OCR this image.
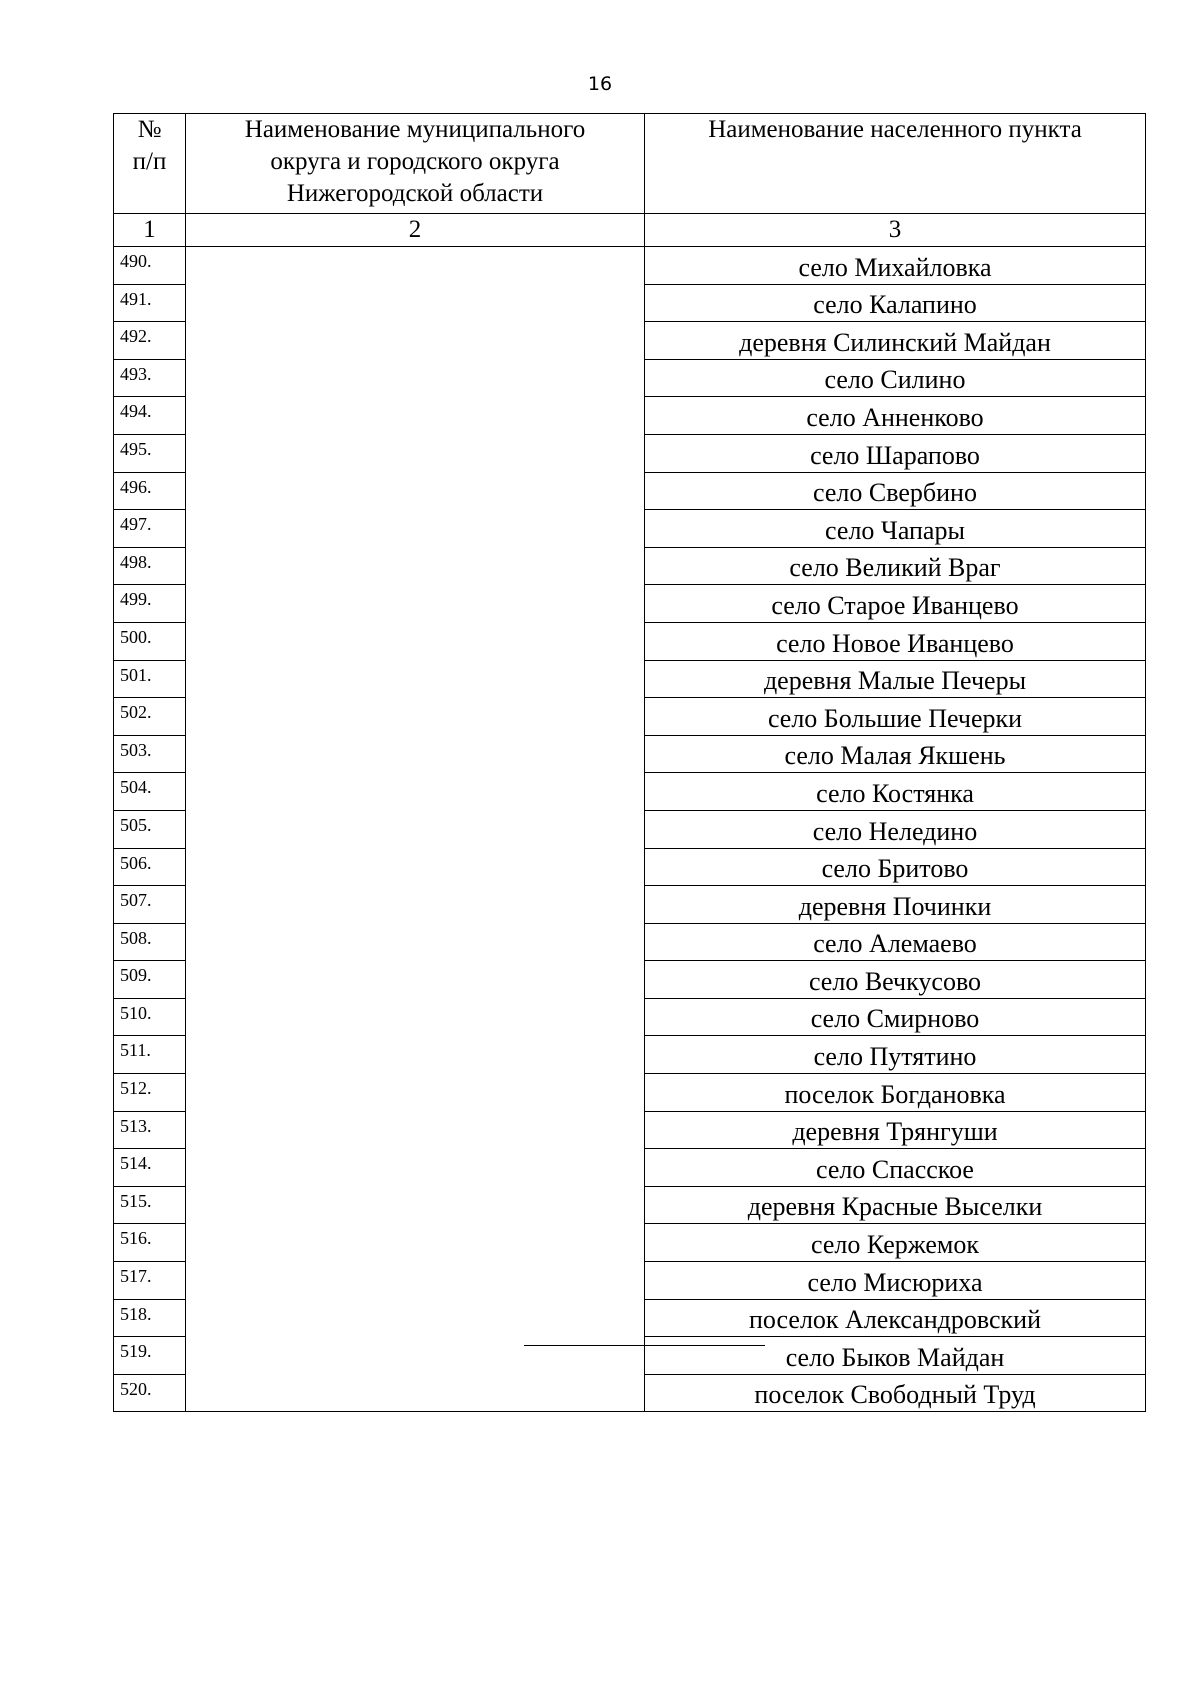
16
№ п/п	Наименование муниципального округа и городского округа Нижегородской области	Наименование населенного пункта
1	2	3
490.		село Михайловка
491.		село Калапино
492.		деревня Силинский Майдан
493.		село Силино
494.		село Анненково
495.		село Шарапово
496.		село Свербино
497.		село Чапары
498.		село Великий Враг
499.		село Старое Иванцево
500.		село Новое Иванцево
501.		деревня Малые Печеры
502.		село Большие Печерки
503.		село Малая Якшень
504.		село Костянка
505.		село Неледино
506.		село Бритово
507.		деревня Починки
508.		село Алемаево
509.		село Вечкусово
510.		село Смирново
511.		село Путятино
512.		поселок Богдановка
513.		деревня Трянгуши
514.		село Спасское
515.		деревня Красные Выселки
516.		село Кержемок
517.		село Мисюриха
518.		поселок Александровский
519.		село Быков Майдан
520.		поселок Свободный Труд
